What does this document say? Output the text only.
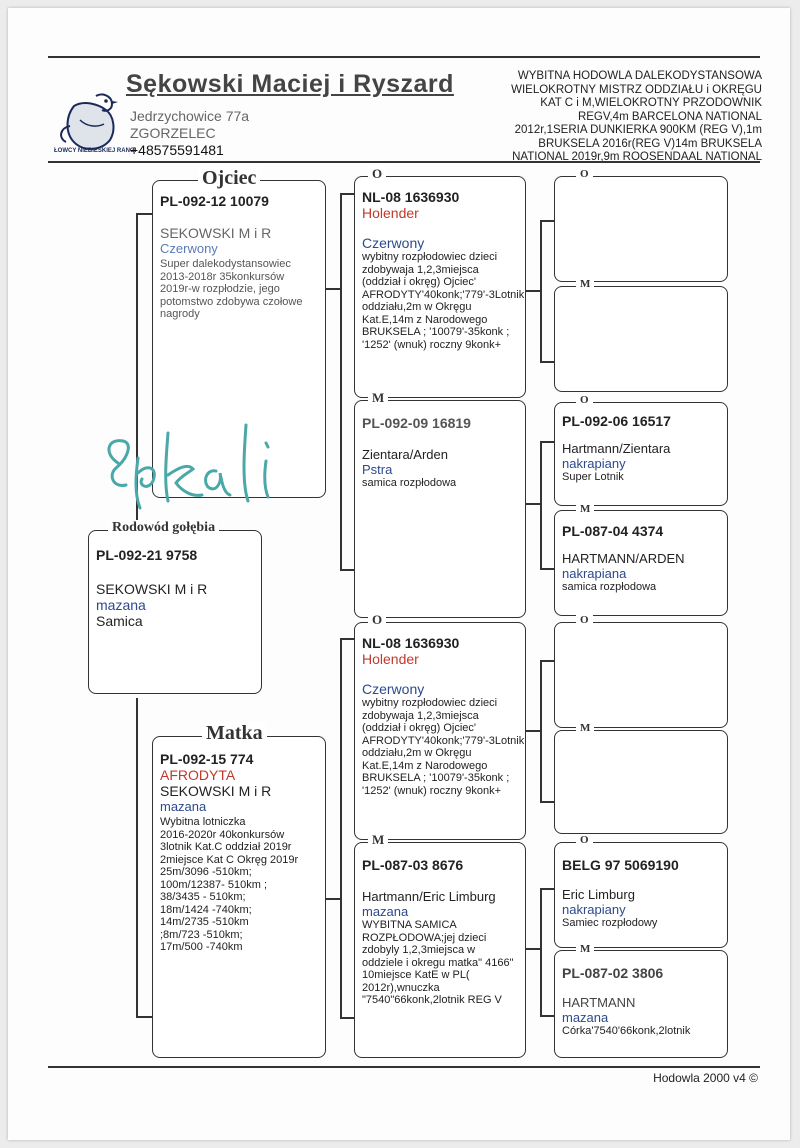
ŁOWCY NIEBIESKIEJ RANGI
Sękowski Maciej i Ryszard
Jedrzychowice 77a
ZGORZELEC
+48575591481
WYBITNA HODOWLA DALEKODYSTANSOWA
WIELOKROTNY MISTRZ ODDZIAŁU i OKRĘGU
KAT C i M,WIELOKROTNY PRZODOWNIK
REGV,4m BARCELONA NATIONAL
2012r,1SERIA DUNKIERKA 900KM (REG V),1m
BRUKSELA 2016r(REG V)14m BRUKSELA
NATIONAL 2019r,9m ROOSENDAAL NATIONAL
PL-092-12 10079
SEKOWSKI M i R
Czerwony
Super dalekodystansowiec 2013-2018r 35konkursów 2019r-w rozpłodzie, jego potomstwo zdobywa czołowe nagrody
Ojciec
PL-092-21 9758
SEKOWSKI M i R
mazana
Samica
Rodowód gołębia
PL-092-15 774
AFRODYTA
SEKOWSKI M i R
mazana
Wybitna lotniczka
2016-2020r 40konkursów
3lotnik Kat.C oddział 2019r
2miejsce Kat C Okręg 2019r
25m/3096 -510km;
100m/12387- 510km ;
38/3435 - 510km;
18m/1424 -740km;
14m/2735 -510km
;8m/723 -510km;
17m/500 -740km
Matka
NL-08 1636930
Holender
Czerwony
wybitny rozpłodowiec dzieci zdobywaja 1,2,3miejsca (oddział i okręg) Ojciec' AFRODYTY'40konk;'779'-3Lotnik oddziału,2m w Okręgu Kat.E,14m z Narodowego BRUKSELA ; '10079'-35konk ; '1252' (wnuk) roczny 9konk+
O
PL-092-09 16819
Zientara/Arden
Pstra
samica rozpłodowa
M
NL-08 1636930
Holender
Czerwony
wybitny rozpłodowiec dzieci zdobywaja 1,2,3miejsca (oddział i okręg) Ojciec' AFRODYTY'40konk;'779'-3Lotnik oddziału,2m w Okręgu Kat.E,14m z Narodowego BRUKSELA ; '10079'-35konk ; '1252' (wnuk) roczny 9konk+
O
PL-087-03 8676
Hartmann/Eric Limburg
mazana
WYBITNA SAMICA ROZPŁODOWA;jej dzieci zdobyly 1,2,3miejsca w oddziele i okregu matka" 4166" 10miejsce KatE w PL( 2012r),wnuczka "7540"66konk,2lotnik REG V
M
O
M
PL-092-06 16517
Hartmann/Zientara
nakrapiany
Super Lotnik
O
PL-087-04 4374
HARTMANN/ARDEN
nakrapiana
samica rozpłodowa
M
O
M
BELG 97 5069190
Eric Limburg
nakrapiany
Samiec rozpłodowy
O
PL-087-02 3806
HARTMANN
mazana
Córka'7540'66konk,2lotnik
M
Hodowla 2000 v4 ©
